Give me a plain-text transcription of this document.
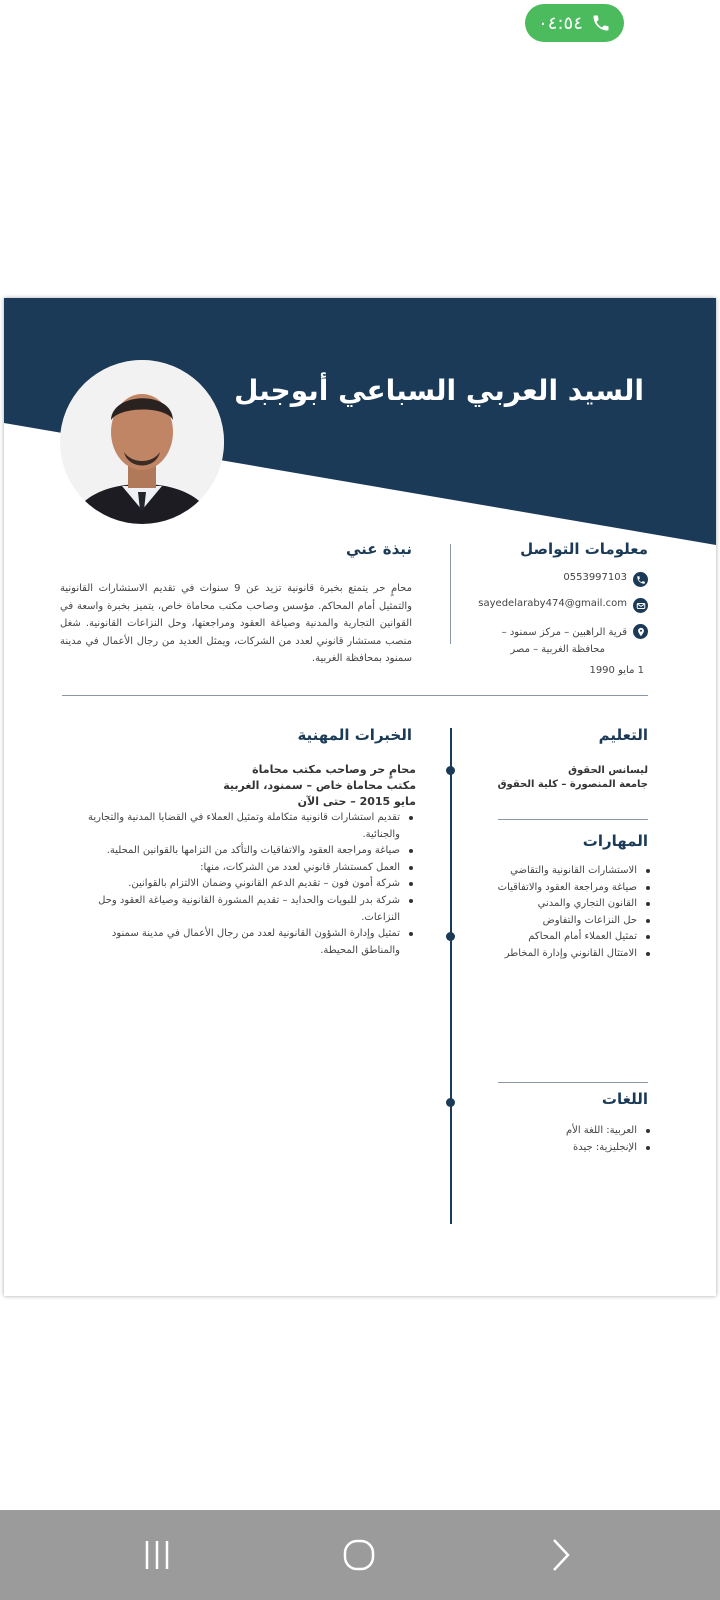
٠٤:٥٤
السيد العربي السباعي أبوجبل
معلومات التواصل
0553997103
sayedelaraby474@gmail.com
قرية الراهبين – مركز سمنود –
محافظة الغربية – مصر
1 مايو 1990
نبذة عني
محامٍ حر يتمتع بخبرة قانونية تزيد عن 9 سنوات في تقديم الاستشارات القانونية والتمثيل أمام المحاكم. مؤسس وصاحب مكتب محاماة خاص، يتميز بخبرة واسعة في القوانين التجارية والمدنية وصياغة العقود ومراجعتها، وحل النزاعات القانونية. شغل منصب مستشار قانوني لعدد من الشركات، ويمثل العديد من رجال الأعمال في مدينة سمنود بمحافظة الغربية.
التعليم
ليسانس الحقوق
جامعة المنصورة – كلية الحقوق
المهارات
الاستشارات القانونية والتقاضي
صياغة ومراجعة العقود والاتفاقيات
القانون التجاري والمدني
حل النزاعات والتفاوض
تمثيل العملاء أمام المحاكم
الامتثال القانوني وإدارة المخاطر
اللغات
العربية: اللغة الأم
الإنجليزية: جيدة
الخبرات المهنية
محامٍ حر وصاحب مكتب محاماة
مكتب محاماة خاص – سمنود، الغربية
مايو 2015 – حتى الآن
تقديم استشارات قانونية متكاملة وتمثيل العملاء في القضايا المدنية والتجارية والجنائية.
صياغة ومراجعة العقود والاتفاقيات والتأكد من التزامها بالقوانين المحلية.
العمل كمستشار قانوني لعدد من الشركات، منها:
شركة أمون فون – تقديم الدعم القانوني وضمان الالتزام بالقوانين.
شركة بدر للبويات والحدايد – تقديم المشورة القانونية وصياغة العقود وحل النزاعات.
تمثيل وإدارة الشؤون القانونية لعدد من رجال الأعمال في مدينة سمنود والمناطق المحيطة.
